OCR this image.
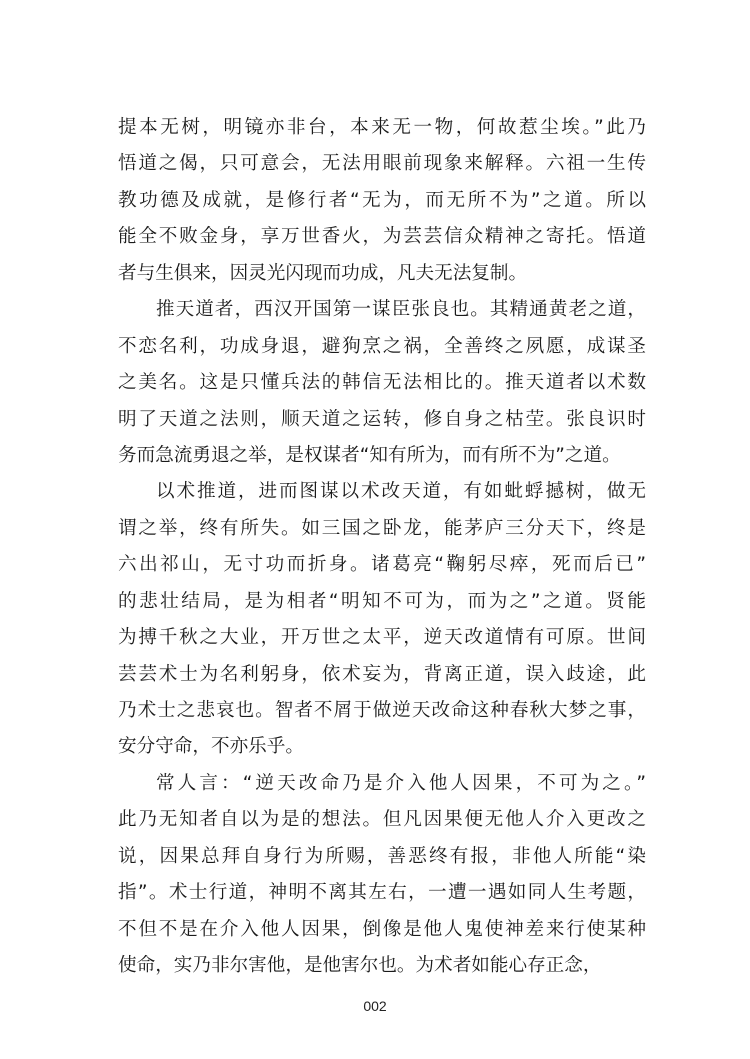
提本无树，明镜亦非台，本来无一物，何故惹尘埃。”此乃
悟道之偈，只可意会，无法用眼前现象来解释。六祖一生传
教功德及成就，是修行者“无为，而无所不为”之道。所以
能全不败金身，享万世香火，为芸芸信众精神之寄托。悟道
者与生俱来，因灵光闪现而功成，凡夫无法复制。
推天道者，西汉开国第一谋臣张良也。其精通黄老之道，
不恋名利，功成身退，避狗烹之祸，全善终之夙愿，成谋圣
之美名。这是只懂兵法的韩信无法相比的。推天道者以术数
明了天道之法则，顺天道之运转，修自身之枯茔。张良识时
务而急流勇退之举，是权谋者“知有所为，而有所不为”之道。
以术推道，进而图谋以术改天道，有如蚍蜉撼树，做无
谓之举，终有所失。如三国之卧龙，能茅庐三分天下，终是
六出祁山，无寸功而折身。诸葛亮“鞠躬尽瘁，死而后已”
的悲壮结局，是为相者“明知不可为，而为之”之道。贤能
为搏千秋之大业，开万世之太平，逆天改道情有可原。世间
芸芸术士为名利躬身，依术妄为，背离正道，误入歧途，此
乃术士之悲哀也。智者不屑于做逆天改命这种春秋大梦之事，
安分守命，不亦乐乎。
常人言：“逆天改命乃是介入他人因果，不可为之。”
此乃无知者自以为是的想法。但凡因果便无他人介入更改之
说，因果总拜自身行为所赐，善恶终有报，非他人所能“染
指”。术士行道，神明不离其左右，一遭一遇如同人生考题，
不但不是在介入他人因果，倒像是他人鬼使神差来行使某种
使命，实乃非尔害他，是他害尔也。为术者如能心存正念，
002
